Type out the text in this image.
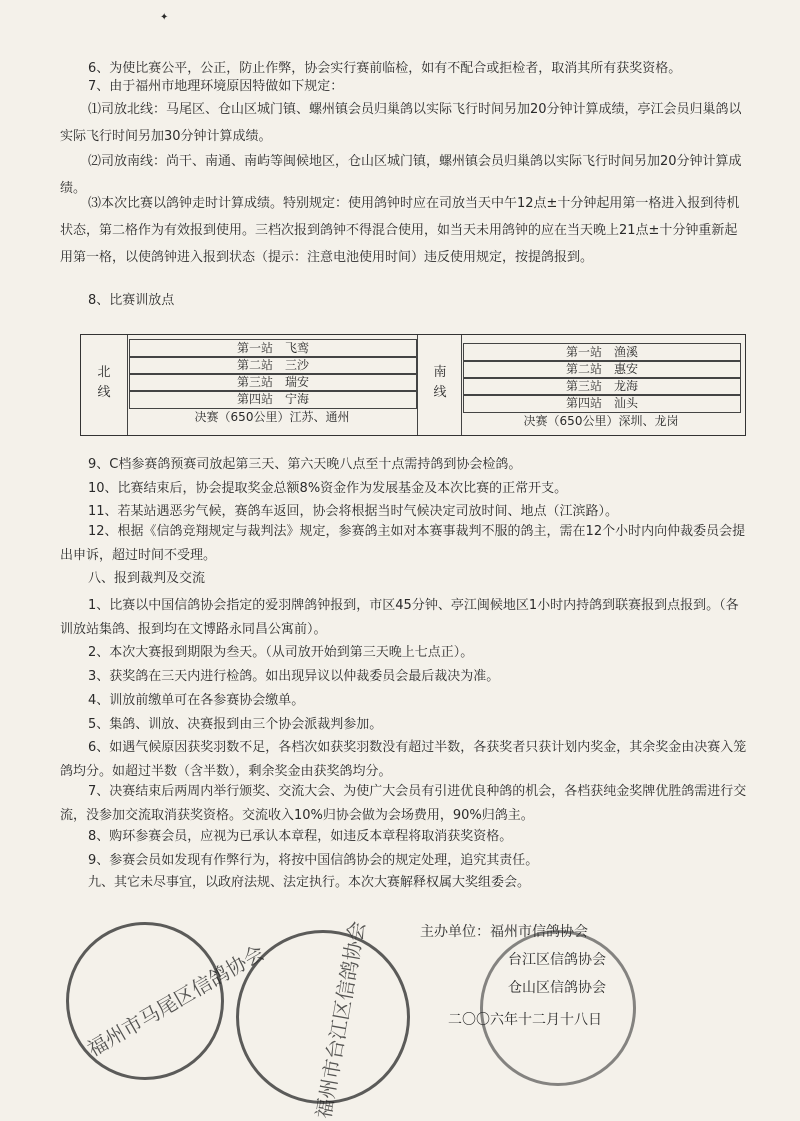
✦

6、为使比赛公平，公正，防止作弊，协会实行赛前临检，如有不配合或拒检者，取消其所有获奖资格。

7、由于福州市地理环境原因特做如下规定：

⑴司放北线：马尾区、仓山区城门镇、螺州镇会员归巢鸽以实际飞行时间另加20分钟计算成绩，亭江会员归巢鸽以实际飞行时间另加30分钟计算成绩。

⑵司放南线：尚干、南通、南屿等闽候地区，仓山区城门镇，螺州镇会员归巢鸽以实际飞行时间另加20分钟计算成绩。

⑶本次比赛以鸽钟走时计算成绩。特别规定：使用鸽钟时应在司放当天中午12点±十分钟起用第一格进入报到待机状态，第二格作为有效报到使用。三档次报到鸽钟不得混合使用，如当天未用鸽钟的应在当天晚上21点±十分钟重新起用第一格，以使鸽钟进入报到状态（提示：注意电池使用时间）违反使用规定，按提鸽报到。

8、比赛训放点

北线
第一站　飞鸾
第二站　三沙
第三站　瑞安
第四站　宁海
决赛（650公里）江苏、通州
南线
第一站　渔溪
第二站　惠安
第三站　龙海
第四站　汕头
决赛（650公里）深圳、龙岗

9、C档参赛鸽预赛司放起第三天、第六天晚八点至十点需持鸽到协会检鸽。

10、比赛结束后，协会提取奖金总额8%资金作为发展基金及本次比赛的正常开支。

11、若某站遇恶劣气候，赛鸽车返回，协会将根据当时气候决定司放时间、地点（江滨路）。

12、根据《信鸽竞翔规定与裁判法》规定，参赛鸽主如对本赛事裁判不服的鸽主，需在12个小时内向仲裁委员会提出申诉，超过时间不受理。

八、报到裁判及交流

1、比赛以中国信鸽协会指定的爱羽牌鸽钟报到，市区45分钟、亭江闽候地区1小时内持鸽到联赛报到点报到。（各训放站集鸽、报到均在文博路永同昌公寓前）。

2、本次大赛报到期限为叁天。（从司放开始到第三天晚上七点正）。

3、获奖鸽在三天内进行检鸽。如出现异议以仲裁委员会最后裁决为准。

4、训放前缴单可在各参赛协会缴单。

5、集鸽、训放、决赛报到由三个协会派裁判参加。

6、如遇气候原因获奖羽数不足，各档次如获奖羽数没有超过半数，各获奖者只获计划内奖金，其余奖金由决赛入笼鸽均分。如超过半数（含半数），剩余奖金由获奖鸽均分。

7、决赛结束后两周内举行颁奖、交流大会、为使广大会员有引进优良种鸽的机会，各档获纯金奖牌优胜鸽需进行交流，没参加交流取消获奖资格。交流收入10%归协会做为会场费用，90%归鸽主。

8、购环参赛会员，应视为已承认本章程，如违反本章程将取消获奖资格。

9、参赛会员如发现有作弊行为，将按中国信鸽协会的规定处理，追究其责任。

九、其它未尽事宜，以政府法规、法定执行。本次大赛解释权属大奖组委会。

福州市马尾区信鸽协会 福州市台江区信鸽协会	主办单位：福州市信鸽协会
台江区信鸽协会
仓山区信鸽协会
二〇〇六年十二月十八日
